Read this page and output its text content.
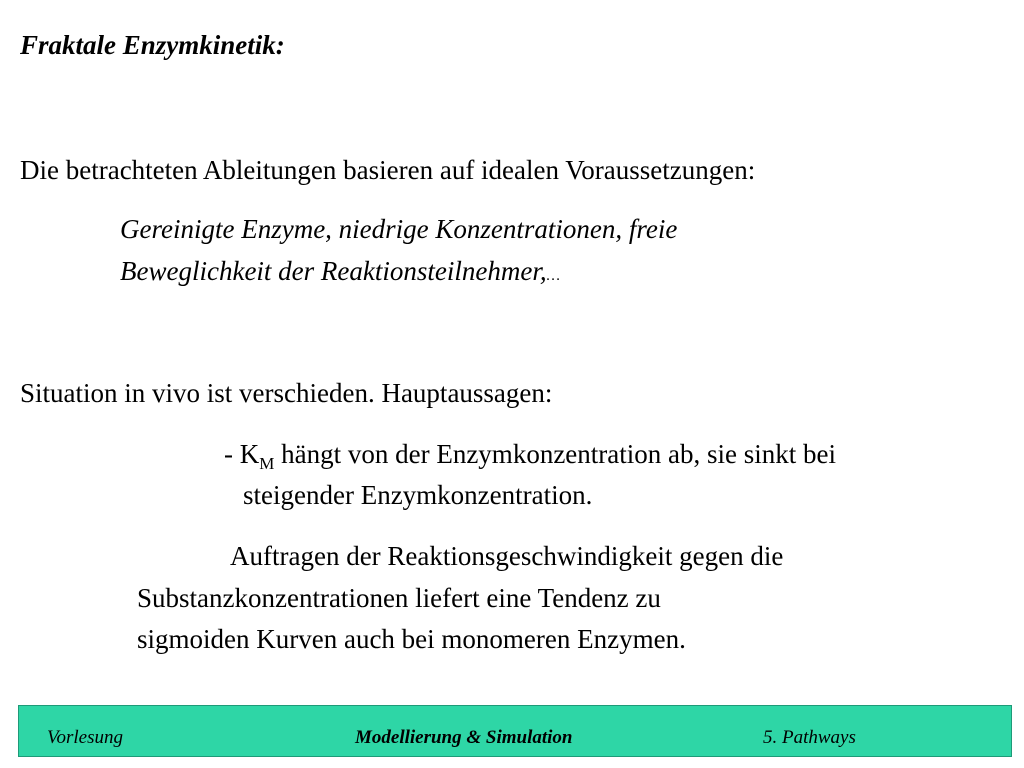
Fraktale Enzymkinetik:
Die betrachteten Ableitungen basieren auf idealen Voraussetzungen:
Gereinigte Enzyme, niedrige Konzentrationen, freie
Beweglichkeit der Reaktionsteilnehmer,…
Situation in vivo ist verschieden. Hauptaussagen:
- $K_M$ hängt von der Enzymkonzentration ab, sie sinkt bei
steigender Enzymkonzentration.
Auftragen der Reaktionsgeschwindigkeit gegen die
Substanzkonzentrationen liefert eine Tendenz zu
sigmoiden Kurven auch bei monomeren Enzymen.
Vorlesung	Modellierung & Simulation	5. Pathways
